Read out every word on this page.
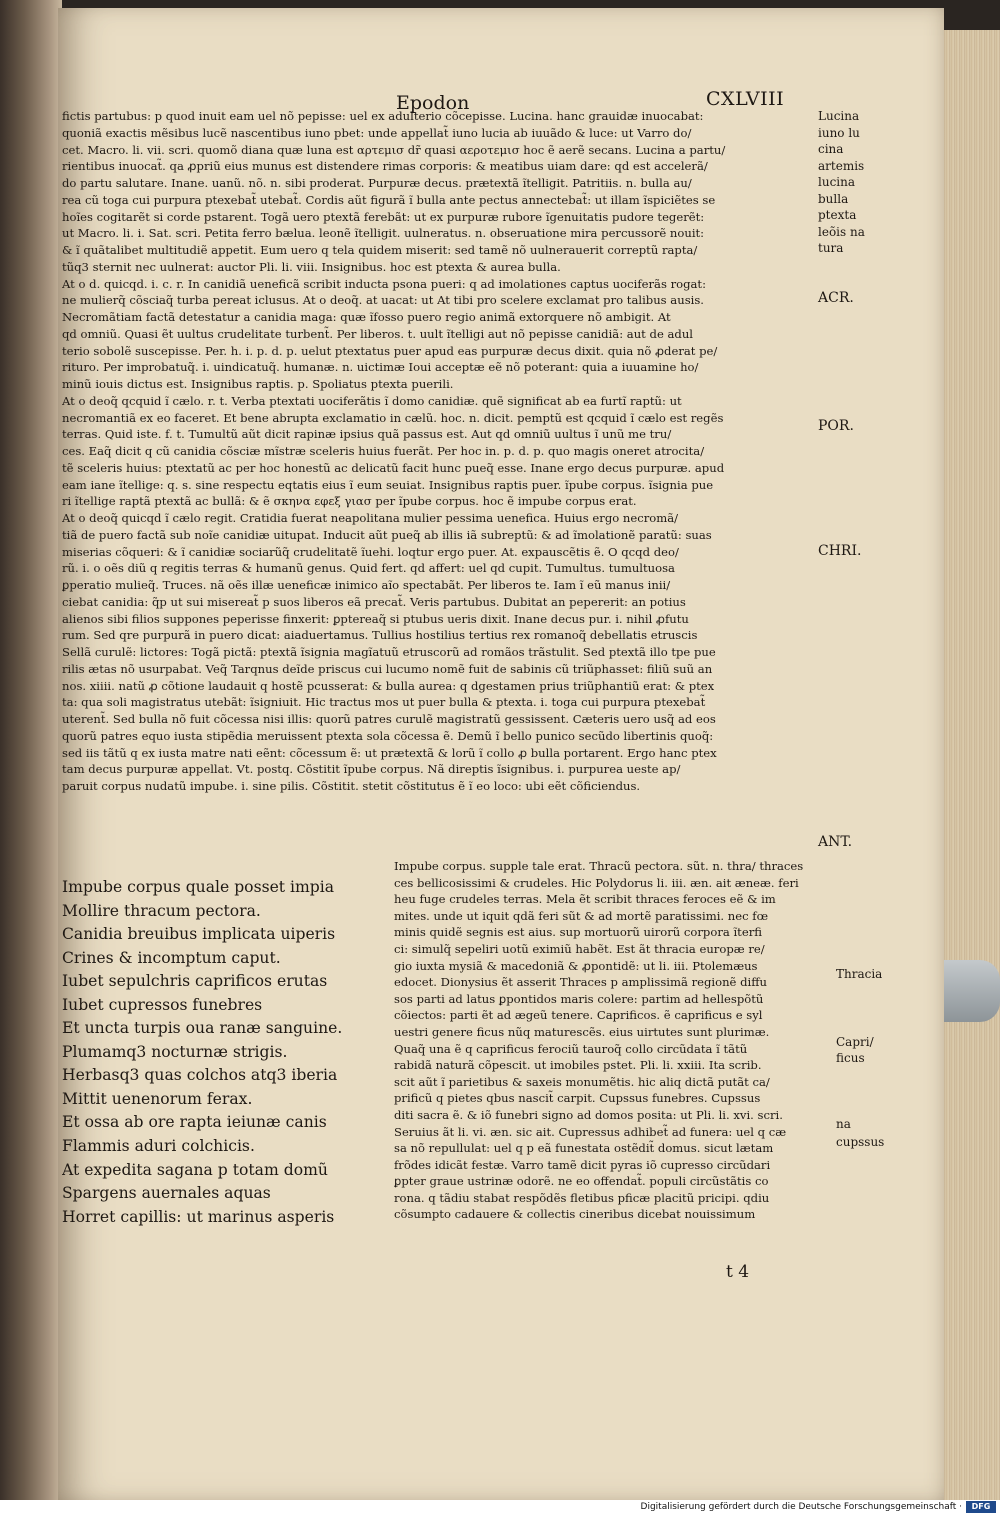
Epodon	CXLVIII
fictis partubus: p quod inuit eam uel nõ pepisse: uel ex adulterio cõcepisse. Lucina. hanc grauidæ inuocabat:
quoniã exactis mẽsibus lucẽ nascentibus iuno pbet: unde appellat̃ iuno lucia ab iuuãdo & luce: ut Varro do/
cet. Macro. li. vii. scri. quomõ diana quæ luna est αρτεμισ dr̃ quasi αεροτεμισ hoc ẽ aerẽ secans. Lucina a partu/
rientibus inuocat̃. qa ꝓpriũ eius munus est distendere rimas corporis: & meatibus uiam dare: qd est accelerã/
do partu salutare. Inane. uanũ. nõ. n. sibi proderat. Purpuræ decus. prætextã ĩtelligit. Patritiis. n. bulla au/
rea cũ toga cui purpura ptexebat̃ utebat̃. Cordis aũt figurã ĩ bulla ante pectus annectebat̃: ut illam ĩspiciẽtes se
hoĩes cogitarẽt si corde pstarent. Togã uero ptextã ferebãt: ut ex purpuræ rubore ĩgenuitatis pudore tegerẽt:
ut Macro. li. i. Sat. scri. Petita ferro bælua. leonẽ ĩtelligit. uulneratus. n. obseruatione mira percussorẽ nouit:
& ĩ quãtalibet multitudiẽ appetit. Eum uero q tela quidem miserit: sed tamẽ nõ uulnerauerit correptũ rapta/
tũq3 sternit nec uulnerat: auctor Pli. li. viii. Insignibus. hoc est ptexta & aurea bulla.
At o d. quicqd. i. c. r. In canidiã ueneficã scribit inducta psona pueri: q ad imolationes captus uociferãs rogat:
ne mulierq̃ cõsciaq̃ turba pereat iclusus. At o deoq̃. at uacat: ut At tibi pro scelere exclamat pro talibus ausis.
Necromãtiam factã detestatur a canidia maga: quæ ĩfosso puero regio animã extorquere nõ ambigit. At
qd omniũ. Quasi ẽt uultus crudelitate turbent̃. Per liberos. t. uult ĩtelligi aut nõ pepisse canidiã: aut de adul
terio sobolẽ suscepisse. Per. h. i. p. d. p. uelut ptextatus puer apud eas purpuræ decus dixit. quia nõ ꝓderat pe/
rituro. Per improbatuq̃. i. uindicatuq̃. humanæ. n. uictimæ Ioui acceptæ eẽ nõ poterant: quia a iuuamine ho/
minũ iouis dictus est. Insignibus raptis. p. Spoliatus ptexta puerili.
At o deoq̃ qcquid ĩ cælo. r. t. Verba ptextati uociferãtis ĩ domo canidiæ. quẽ significat ab ea furtĩ raptũ: ut
necromantiã ex eo faceret. Et bene abrupta exclamatio in cælũ. hoc. n. dicit. pemptũ est qcquid ĩ cælo est regẽs
terras. Quid iste. f. t. Tumultũ aũt dicit rapinæ ipsius quã passus est. Aut qd omniũ uultus ĩ unũ me tru/
ces. Eaq̃ dicit q cũ canidia cõsciæ mĩstræ sceleris huius fuerãt. Per hoc in. p. d. p. quo magis oneret atrocita/
tẽ sceleris huius: ptextatũ ac per hoc honestũ ac delicatũ facit hunc pueq̃ esse. Inane ergo decus purpuræ. apud
eam iane ĩtellige: q. s. sine respectu eqtatis eius ĩ eum seuiat. Insignibus raptis puer. ĩpube corpus. ĩsignia pue
ri ĩtellige raptã ptextã ac bullã: & ẽ σκηνα εφεξ γιασ per ĩpube corpus. hoc ẽ impube corpus erat.
At o deoq̃ quicqd ĩ cælo regit. Cratidia fuerat neapolitana mulier pessima uenefica. Huius ergo necromã/
tiã de puero factã sub noĩe canidiæ uitupat. Inducit aũt pueq̃ ab illis iã subreptũ: & ad ĩmolationẽ paratũ: suas
miserias cõqueri: & ĩ canidiæ sociarũq̃ crudelitatẽ ĩuehi. loqtur ergo puer. At. expauscẽtis ẽ. O qcqd deo/
rũ. i. o oẽs diũ q regitis terras & humanũ genus. Quid fert. qd affert: uel qd cupit. Tumultus. tumultuosa
ꝑperatio mulieq̃. Truces. nã oẽs illæ ueneficæ inimico aĩo spectabãt. Per liberos te. Iam ĩ eũ manus inii/
ciebat canidia: q̃p ut sui misereat̃ p suos liberos eã precat̃. Veris partubus. Dubitat an pepererit: an potius
alienos sibi filios suppones peperisse finxerit: ꝑptereaq̃ si ptubus ueris dixit. Inane decus pur. i. nihil ꝓfutu
rum. Sed qre purpurã in puero dicat: aiaduertamus. Tullius hostilius tertius rex romanoq̃ debellatis etruscis
Sellã curulẽ: lictores: Togã pictã: ptextã ĩsignia magĩatuũ etruscorũ ad romãos trãstulit. Sed ptextã illo tpe pue
rilis ætas nõ usurpabat. Veq̃ Tarqnus deĩde priscus cui lucumo nomẽ fuit de sabinis cũ triũphasset: filiũ suũ an
nos. xiiii. natũ ꝓ cõtione laudauit q hostẽ pcusserat: & bulla aurea: q dgestamen prius triũphantiũ erat: & ptex
ta: qua soli magistratus utebãt: ĩsigniuit. Hic tractus mos ut puer bulla & ptexta. i. toga cui purpura ptexebat̃
uterent̃. Sed bulla nõ fuit cõcessa nisi illis: quorũ patres curulẽ magistratũ gessissent. Cæteris uero usq̃ ad eos
quorũ patres equo iusta stipẽdia meruissent ptexta sola cõcessa ẽ. Demũ ĩ bello punico secũdo libertinis quoq̃:
sed iis tãtũ q ex iusta matre nati eẽnt: cõcessum ẽ: ut prætextã & lorũ ĩ collo ꝓ bulla portarent. Ergo hanc ptex
tam decus purpuræ appellat. Vt. postq. Cõstitit ĩpube corpus. Nã direptis ĩsignibus. i. purpurea ueste ap/
paruit corpus nudatũ impube. i. sine pilis. Cõstitit. stetit cõstitutus ẽ ĩ eo loco: ubi eẽt cõficiendus.
Lucina
iuno lu
cina
artemis
lucina
bulla
ptexta
leõis na
tura
ACR.
POR.
CHRI.
ANT.
Impube corpus quale posset impia
Mollire thracum pectora.
Canidia breuibus implicata uiperis
Crines & incomptum caput.
Iubet sepulchris caprificos erutas
Iubet cupressos funebres
Et uncta turpis oua ranæ sanguine.
Plumamq3 nocturnæ strigis.
Herbasq3 quas colchos atq3 iberia
Mittit uenenorum ferax.
Et ossa ab ore rapta ieiunæ canis
Flammis aduri colchicis.
At expedita sagana p totam domũ
Spargens auernales aquas
Horret capillis: ut marinus asperis
Impube corpus. supple tale erat. Thracũ pectora. sũt. n. thra/ thraces
ces bellicosissimi & crudeles. Hic Polydorus li. iii. æn. ait æneæ. feri
heu fuge crudeles terras. Mela ẽt scribit thraces feroces eẽ & im
mites. unde ut iquit qdã feri sũt & ad mortẽ paratissimi. nec fœ
minis quidẽ segnis est aius. sup mortuorũ uirorũ corpora ĩterfi
ci: simulq̃ sepeliri uotũ eximiũ habẽt. Est ãt thracia europæ re/
gio iuxta mysiã & macedoniã & ꝓpontidẽ: ut li. iii. Ptolemæus
edocet. Dionysius ẽt asserit Thraces p amplissimã regionẽ diffu
sos parti ad latus ꝑpontidos maris colere: partim ad hellespõtũ
cõiectos: parti ẽt ad ægeũ tenere. Caprificos. ẽ caprificus e syl
uestri genere ficus nũq maturescẽs. eius uirtutes sunt plurimæ.
Quaq̃ una ẽ q caprificus ferociũ tauroq̃ collo circũdata ĩ tãtũ
rabidã naturã cõpescit. ut imobiles pstet. Pli. li. xxiii. Ita scrib.
scit aũt ĩ parietibus & saxeis monumẽtis. hic aliq dictã putãt ca/
prificũ q pietes qbus nascit̃ carpit. Cupssus funebres. Cupssus
diti sacra ẽ. & iõ funebri signo ad domos posita: ut Pli. li. xvi. scri.
Seruius ãt li. vi. æn. sic ait. Cupressus adhibet̃ ad funera: uel q cæ
sa nõ repullulat: uel q p eã funestata ostẽdit̃ domus. sicut lætam
frõdes idicãt festæ. Varro tamẽ dicit pyras iõ cupresso circũdari
ꝑpter graue ustrinæ odorẽ. ne eo offendat̃. populi circũstãtis co
rona. q tãdiu stabat respõdẽs fletibus pficæ placitũ pricipi. qdiu
cõsumpto cadauere & collectis cineribus dicebat nouissimum
Thracia
Capri/
ficus
na
cupssus
t 4
Digitalisierung gefördert durch die Deutsche Forschungsgemeinschaft ·	DFG
